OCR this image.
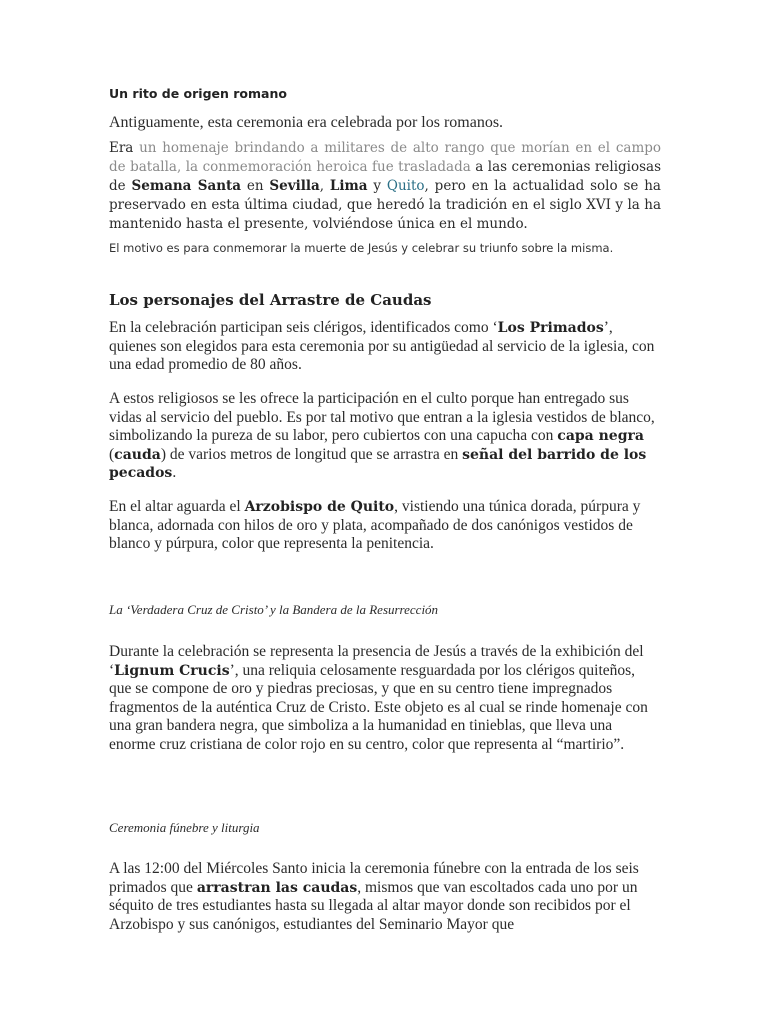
Un rito de origen romano
Antiguamente, esta ceremonia era celebrada por los romanos.

Era un homenaje brindando a militares de alto rango que morían en el campo de batalla, la conmemoración heroica fue trasladada a las ceremonias religiosas de Semana Santa en Sevilla, Lima y Quito, pero en la actualidad solo se ha preservado en esta última ciudad, que heredó la tradición en el siglo XVI y la ha mantenido hasta el presente, volviéndose única en el mundo.

El motivo es para conmemorar la muerte de Jesús y celebrar su triunfo sobre la misma.
Los personajes del Arrastre de Caudas

En la celebración participan seis clérigos, identificados como ‘Los Primados’, quienes son elegidos para esta ceremonia por su antigüedad al servicio de la iglesia, con una edad promedio de 80 años.

A estos religiosos se les ofrece la participación en el culto porque han entregado sus vidas al servicio del pueblo. Es por tal motivo que entran a la iglesia vestidos de blanco, simbolizando la pureza de su labor, pero cubiertos con una capucha con capa negra (cauda) de varios metros de longitud que se arrastra en señal del barrido de los pecados.

En el altar aguarda el Arzobispo de Quito, vistiendo una túnica dorada, púrpura y blanca, adornada con hilos de oro y plata, acompañado de dos canónigos vestidos de blanco y púrpura, color que representa la penitencia.

La ‘Verdadera Cruz de Cristo’ y la Bandera de la Resurrección

Durante la celebración se representa la presencia de Jesús a través de la exhibición del ‘Lignum Crucis’, una reliquia celosamente resguardada por los clérigos quiteños, que se compone de oro y piedras preciosas, y que en su centro tiene impregnados fragmentos de la auténtica Cruz de Cristo. Este objeto es al cual se rinde homenaje con una gran bandera negra, que simboliza a la humanidad en tinieblas, que lleva una enorme cruz cristiana de color rojo en su centro, color que representa al “martirio”.

Ceremonia fúnebre y liturgia

A las 12:00 del Miércoles Santo inicia la ceremonia fúnebre con la entrada de los seis primados que arrastran las caudas, mismos que van escoltados cada uno por un séquito de tres estudiantes hasta su llegada al altar mayor donde son recibidos por el Arzobispo y sus canónigos, estudiantes del Seminario Mayor que
